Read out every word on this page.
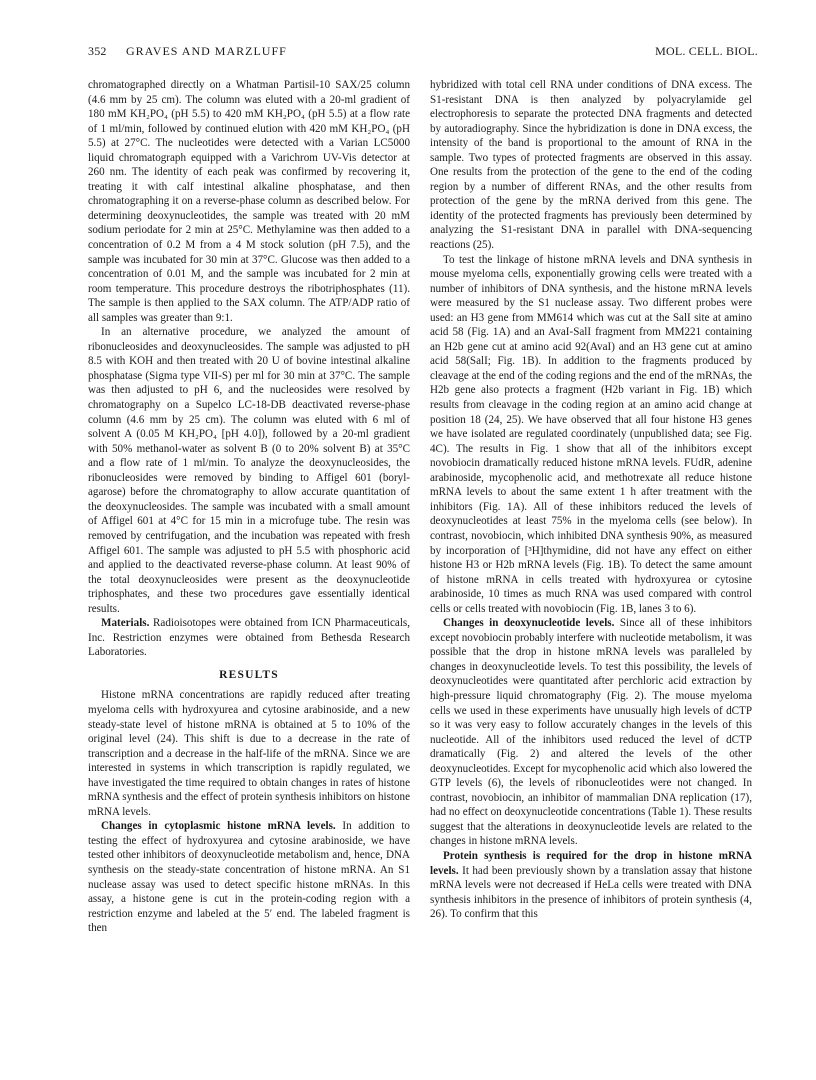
352 GRAVES AND MARZLUFF	MOL. CELL. BIOL.

chromatographed directly on a Whatman Partisil-10 SAX/25 column (4.6 mm by 25 cm). The column was eluted with a 20-ml gradient of 180 mM KH₂PO₄ (pH 5.5) to 420 mM KH₂PO₄ (pH 5.5) at a flow rate of 1 ml/min, followed by continued elution with 420 mM KH₂PO₄ (pH 5.5) at 27°C. The nucleotides were detected with a Varian LC5000 liquid chromatograph equipped with a Varichrom UV-Vis detector at 260 nm. The identity of each peak was confirmed by recovering it, treating it with calf intestinal alkaline phosphatase, and then chromatographing it on a reverse-phase column as described below. For determining deoxynucleotides, the sample was treated with 20 mM sodium periodate for 2 min at 25°C. Methylamine was then added to a concentration of 0.2 M from a 4 M stock solution (pH 7.5), and the sample was incubated for 30 min at 37°C. Glucose was then added to a concentration of 0.01 M, and the sample was incubated for 2 min at room temperature. This procedure destroys the ribotriphosphates (11). The sample is then applied to the SAX column. The ATP/ADP ratio of all samples was greater than 9:1.

In an alternative procedure, we analyzed the amount of ribonucleosides and deoxynucleosides. The sample was adjusted to pH 8.5 with KOH and then treated with 20 U of bovine intestinal alkaline phosphatase (Sigma type VII-S) per ml for 30 min at 37°C. The sample was then adjusted to pH 6, and the nucleosides were resolved by chromatography on a Supelco LC-18-DB deactivated reverse-phase column (4.6 mm by 25 cm). The column was eluted with 6 ml of solvent A (0.05 M KH₂PO₄ [pH 4.0]), followed by a 20-ml gradient with 50% methanol-water as solvent B (0 to 20% solvent B) at 35°C and a flow rate of 1 ml/min. To analyze the deoxynucleosides, the ribonucleosides were removed by binding to Affigel 601 (boryl-agarose) before the chromatography to allow accurate quantitation of the deoxynucleosides. The sample was incubated with a small amount of Affigel 601 at 4°C for 15 min in a microfuge tube. The resin was removed by centrifugation, and the incubation was repeated with fresh Affigel 601. The sample was adjusted to pH 5.5 with phosphoric acid and applied to the deactivated reverse-phase column. At least 90% of the total deoxynucleosides were present as the deoxynucleotide triphosphates, and these two procedures gave essentially identical results.

Materials. Radioisotopes were obtained from ICN Pharmaceuticals, Inc. Restriction enzymes were obtained from Bethesda Research Laboratories.

RESULTS

Histone mRNA concentrations are rapidly reduced after treating myeloma cells with hydroxyurea and cytosine arabinoside, and a new steady-state level of histone mRNA is obtained at 5 to 10% of the original level (24). This shift is due to a decrease in the rate of transcription and a decrease in the half-life of the mRNA. Since we are interested in systems in which transcription is rapidly regulated, we have investigated the time required to obtain changes in rates of histone mRNA synthesis and the effect of protein synthesis inhibitors on histone mRNA levels.

Changes in cytoplasmic histone mRNA levels. In addition to testing the effect of hydroxyurea and cytosine arabinoside, we have tested other inhibitors of deoxynucleotide metabolism and, hence, DNA synthesis on the steady-state concentration of histone mRNA. An S1 nuclease assay was used to detect specific histone mRNAs. In this assay, a histone gene is cut in the protein-coding region with a restriction enzyme and labeled at the 5′ end. The labeled fragment is then

hybridized with total cell RNA under conditions of DNA excess. The S1-resistant DNA is then analyzed by polyacrylamide gel electrophoresis to separate the protected DNA fragments and detected by autoradiography. Since the hybridization is done in DNA excess, the intensity of the band is proportional to the amount of RNA in the sample. Two types of protected fragments are observed in this assay. One results from the protection of the gene to the end of the coding region by a number of different RNAs, and the other results from protection of the gene by the mRNA derived from this gene. The identity of the protected fragments has previously been determined by analyzing the S1-resistant DNA in parallel with DNA-sequencing reactions (25).

To test the linkage of histone mRNA levels and DNA synthesis in mouse myeloma cells, exponentially growing cells were treated with a number of inhibitors of DNA synthesis, and the histone mRNA levels were measured by the S1 nuclease assay. Two different probes were used: an H3 gene from MM614 which was cut at the SalI site at amino acid 58 (Fig. 1A) and an AvaI-SalI fragment from MM221 containing an H2b gene cut at amino acid 92(AvaI) and an H3 gene cut at amino acid 58(SalI; Fig. 1B). In addition to the fragments produced by cleavage at the end of the coding regions and the end of the mRNAs, the H2b gene also protects a fragment (H2b variant in Fig. 1B) which results from cleavage in the coding region at an amino acid change at position 18 (24, 25). We have observed that all four histone H3 genes we have isolated are regulated coordinately (unpublished data; see Fig. 4C). The results in Fig. 1 show that all of the inhibitors except novobiocin dramatically reduced histone mRNA levels. FUdR, adenine arabinoside, mycophenolic acid, and methotrexate all reduce histone mRNA levels to about the same extent 1 h after treatment with the inhibitors (Fig. 1A). All of these inhibitors reduced the levels of deoxynucleotides at least 75% in the myeloma cells (see below). In contrast, novobiocin, which inhibited DNA synthesis 90%, as measured by incorporation of [³H]thymidine, did not have any effect on either histone H3 or H2b mRNA levels (Fig. 1B). To detect the same amount of histone mRNA in cells treated with hydroxyurea or cytosine arabinoside, 10 times as much RNA was used compared with control cells or cells treated with novobiocin (Fig. 1B, lanes 3 to 6).

Changes in deoxynucleotide levels. Since all of these inhibitors except novobiocin probably interfere with nucleotide metabolism, it was possible that the drop in histone mRNA levels was paralleled by changes in deoxynucleotide levels. To test this possibility, the levels of deoxynucleotides were quantitated after perchloric acid extraction by high-pressure liquid chromatography (Fig. 2). The mouse myeloma cells we used in these experiments have unusually high levels of dCTP so it was very easy to follow accurately changes in the levels of this nucleotide. All of the inhibitors used reduced the level of dCTP dramatically (Fig. 2) and altered the levels of the other deoxynucleotides. Except for mycophenolic acid which also lowered the GTP levels (6), the levels of ribonucleotides were not changed. In contrast, novobiocin, an inhibitor of mammalian DNA replication (17), had no effect on deoxynucleotide concentrations (Table 1). These results suggest that the alterations in deoxynucleotide levels are related to the changes in histone mRNA levels.

Protein synthesis is required for the drop in histone mRNA levels. It had been previously shown by a translation assay that histone mRNA levels were not decreased if HeLa cells were treated with DNA synthesis inhibitors in the presence of inhibitors of protein synthesis (4, 26). To confirm that this
